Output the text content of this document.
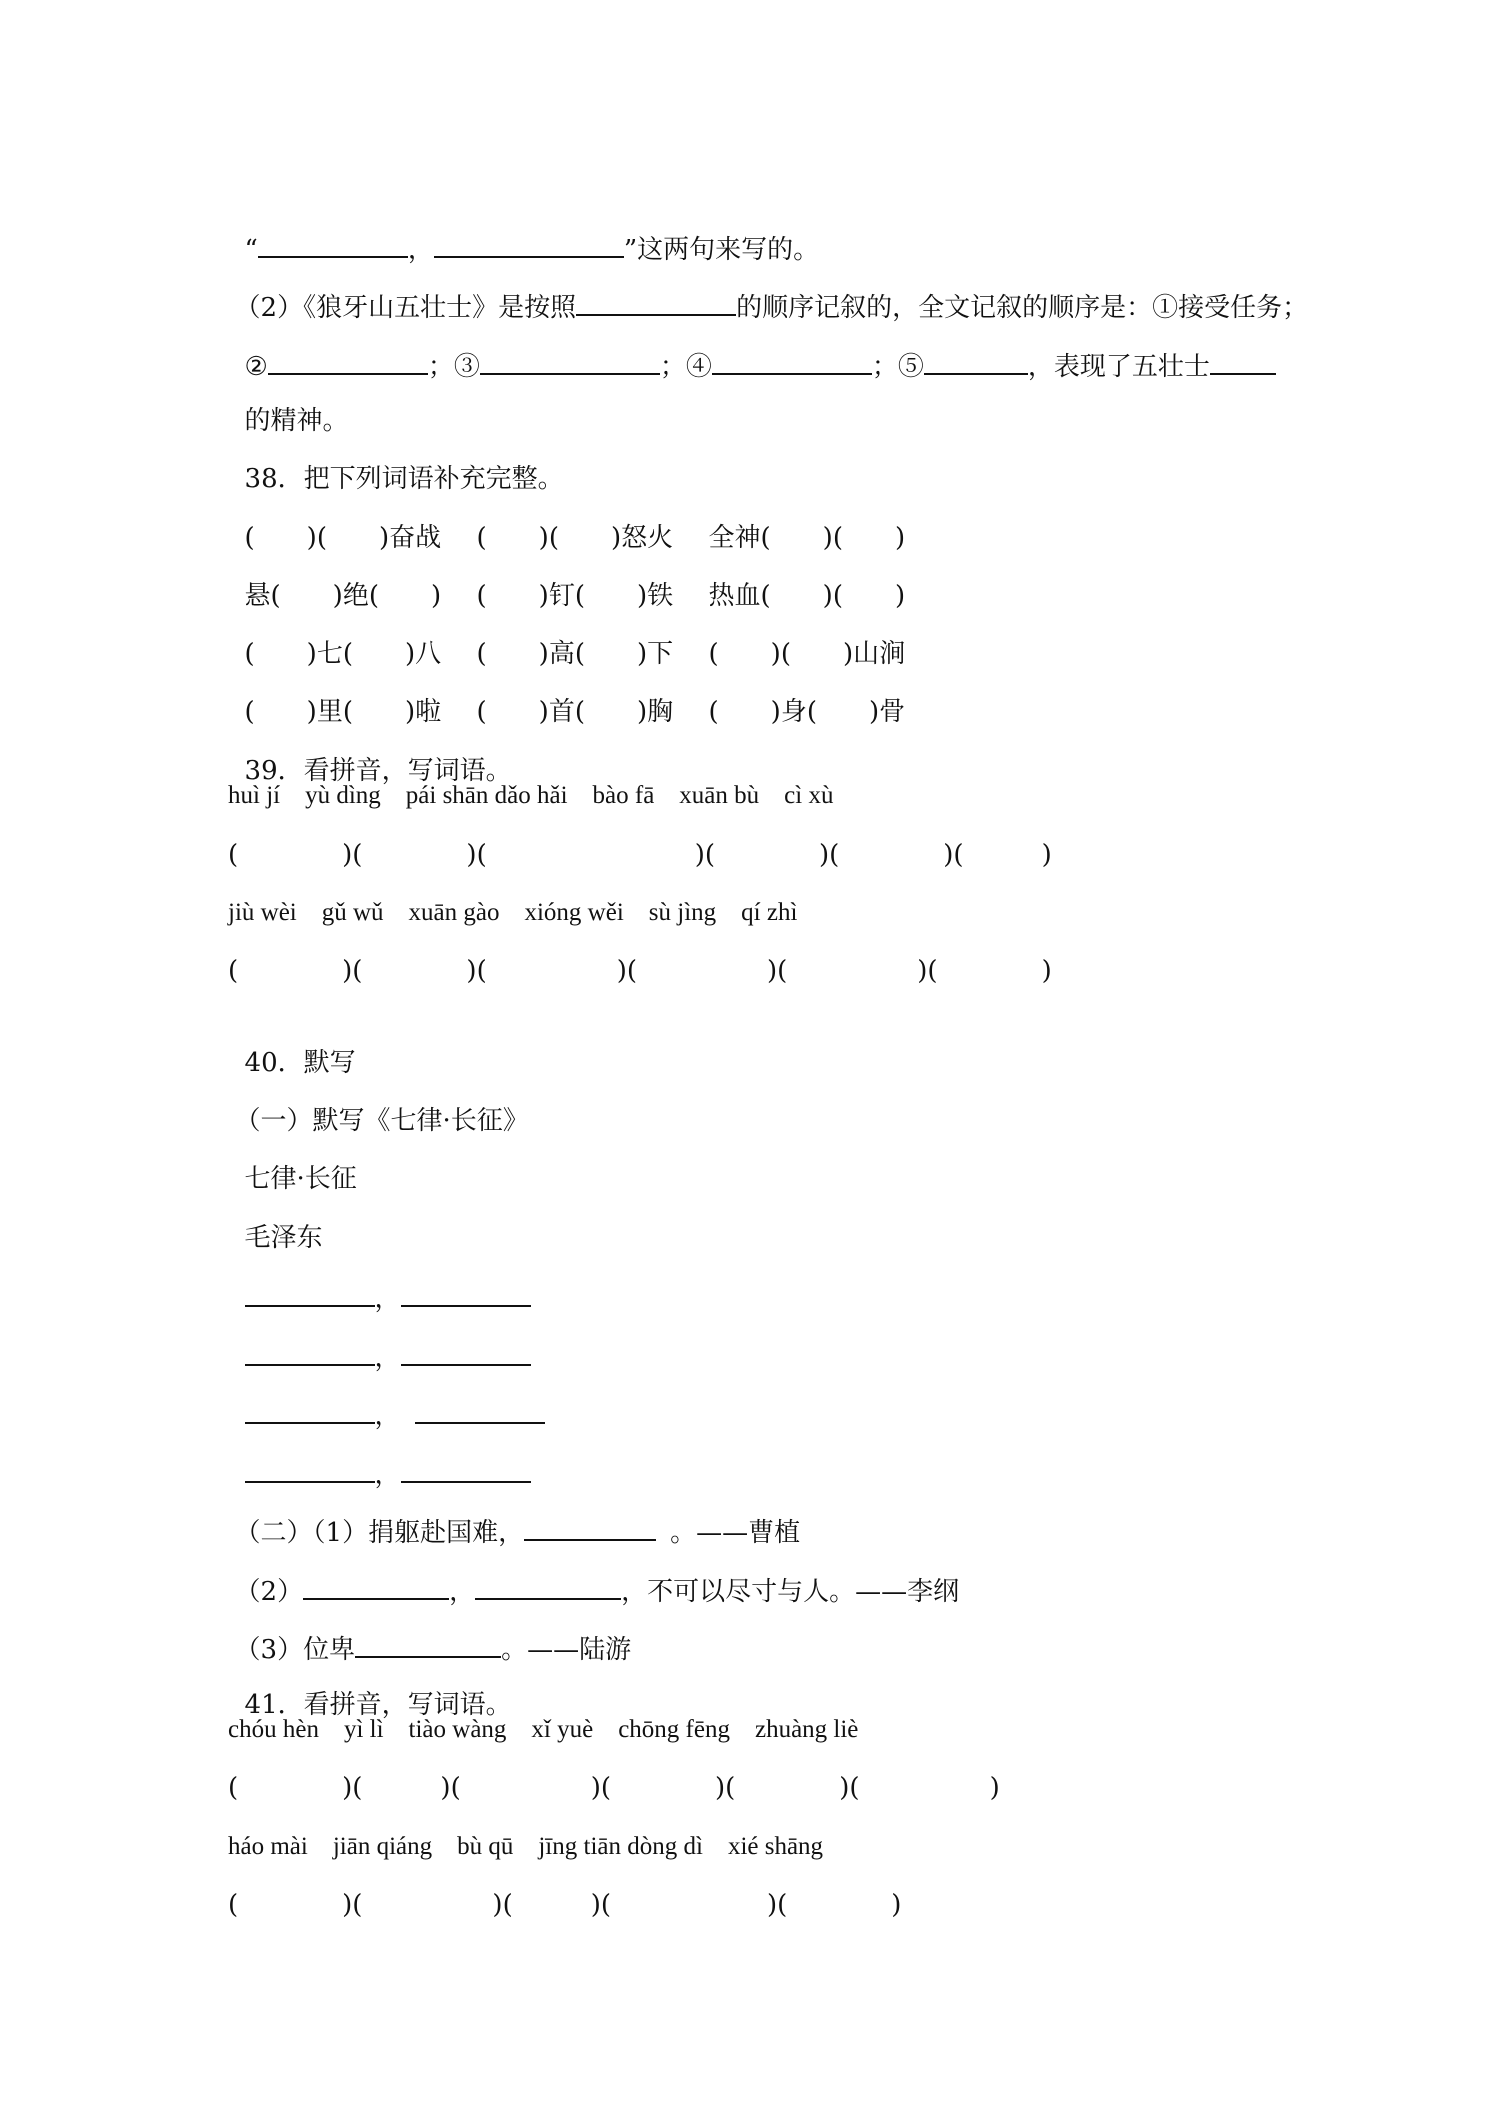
“	，	”这两句来写的。

（2）《狼牙山五壮士》是按照	的顺序记叙的，全文记叙的顺序是：①接受任务；

②	；③	；④	；⑤	，表现了五壮士

的精神。

38．把下列词语补充完整。

(　　)(　　)奋战 (　　)(　　)怒火 全神(　　)(　　)

悬(　　)绝(　　) (　　)钉(　　)铁 热血(　　)(　　)

(　　)七(　　)八 (　　)高(　　)下 (　　)(　　)山涧

(　　)里(　　)啦 (　　)首(　　)胸 (　　)身(　　)骨

39．看拼音，写词语。

huì jí　yù dìng　pái shān dǎo hǎi　bào fā　xuān bù　cì xù
(　　　　)(　　　　)(　　　　　　　　)(　　　　)(　　　　)(　　　)
jiù wèi　gǔ wǔ　xuān gào　xióng wěi　sù jìng　qí zhì
(　　　　)(　　　　)(　　　　　)(　　　　　)(　　　　　)(　　　　)

40．默写

（一）默写《七律·长征》

七律·长征

毛泽东

，

，

，

，

（二）（1）捐躯赴国难，	。——曹植

（2）	，	，不可以尽寸与人。——李纲

（3）位卑	。——陆游

41．看拼音，写词语。

chóu hèn　yì lì　tiào wàng　xǐ yuè　chōng fēng　zhuàng liè
(　　　　)(　　　)(　　　　　)(　　　　)(　　　　)(　　　　　)
háo mài　jiān qiáng　bù qū　jīng tiān dòng dì　xié shāng
(　　　　)(　　　　　)(　　　)(　　　　　　)(　　　　)
